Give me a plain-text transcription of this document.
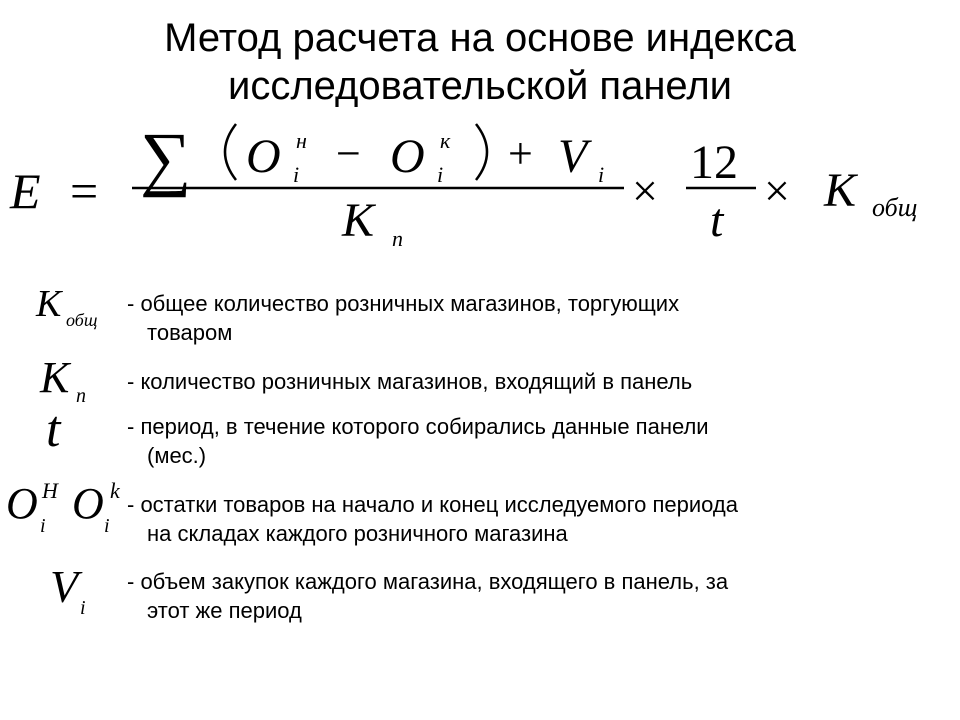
Метод расчета на основе индекса
исследовательской панели
E = ∑ O н
i − O к
i + V i
K п
×
12
t
× K общ
K общ
K п
t
O H
i O k
i
V i
- общее количество розничных магазинов, торгующих
товаром
- количество розничных магазинов, входящий в панель
- период, в течение которого собирались данные панели
(мес.)
- остатки товаров на начало и конец исследуемого периода
на складах каждого розничного магазина
- объем закупок каждого магазина, входящего в панель, за
этот же период
